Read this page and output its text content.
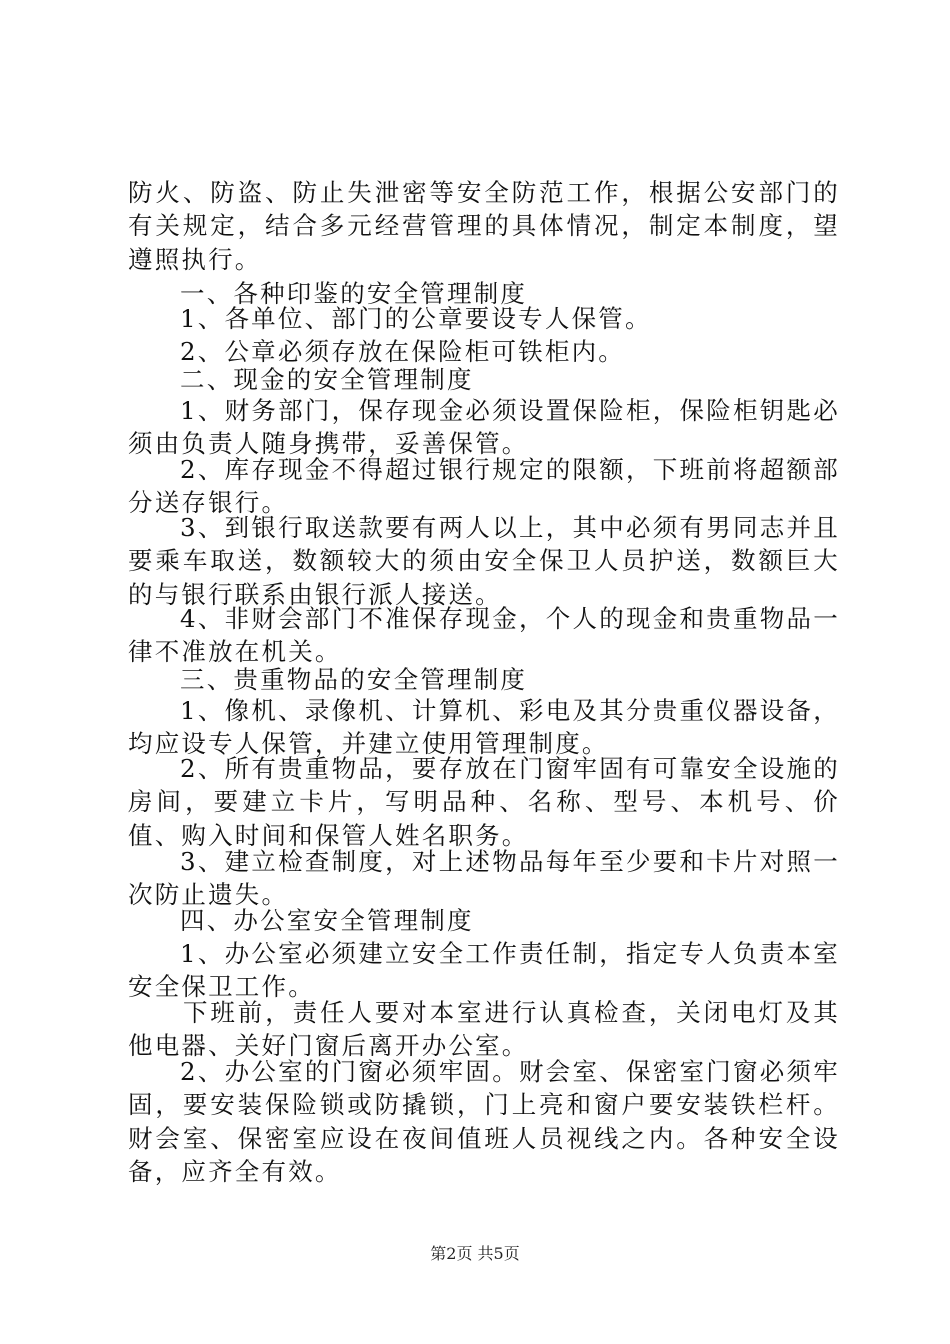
防火、防盗、防止失泄密等安全防范工作，根据公安部门的有关规定，结合多元经营管理的具体情况，制定本制度，望遵照执行。

一、各种印鉴的安全管理制度

1、各单位、部门的公章要设专人保管。

2、公章必须存放在保险柜可铁柜内。

二、现金的安全管理制度

1、财务部门，保存现金必须设置保险柜，保险柜钥匙必须由负责人随身携带，妥善保管。

2、库存现金不得超过银行规定的限额，下班前将超额部分送存银行。

3、到银行取送款要有两人以上，其中必须有男同志并且要乘车取送，数额较大的须由安全保卫人员护送，数额巨大的与银行联系由银行派人接送。

4、非财会部门不准保存现金，个人的现金和贵重物品一律不准放在机关。

三、贵重物品的安全管理制度

1、像机、录像机、计算机、彩电及其分贵重仪器设备，均应设专人保管，并建立使用管理制度。

2、所有贵重物品，要存放在门窗牢固有可靠安全设施的房间，要建立卡片，写明品种、名称、型号、本机号、价值、购入时间和保管人姓名职务。

3、建立检查制度，对上述物品每年至少要和卡片对照一次防止遗失。

四、办公室安全管理制度

1、办公室必须建立安全工作责任制，指定专人负责本室安全保卫工作。

下班前，责任人要对本室进行认真检查，关闭电灯及其他电器、关好门窗后离开办公室。

2、办公室的门窗必须牢固。财会室、保密室门窗必须牢固，要安装保险锁或防撬锁，门上亮和窗户要安装铁栏杆。财会室、保密室应设在夜间值班人员视线之内。各种安全设备，应齐全有效。

第2页 共5页
